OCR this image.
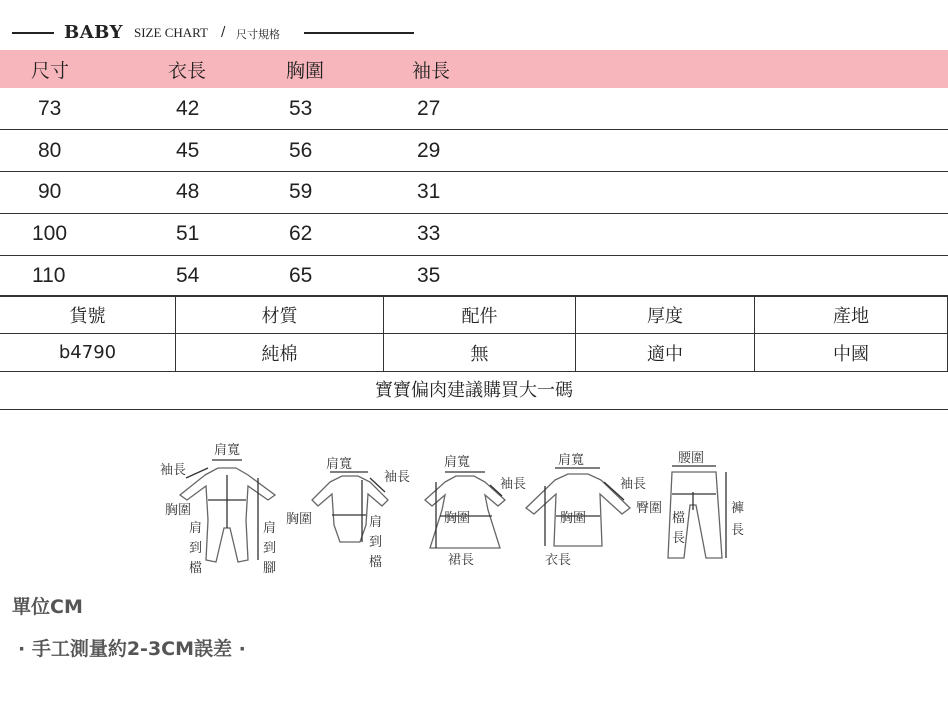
BABY SIZE CHART / 尺寸規格
尺寸	衣長	胸圍	袖長
73	42	53	27
80	45	56	29
90	48	59	31
100	51	62	33
110	54	65	35
貨號	材質	配件	厚度	產地
b4790	純棉	無	適中	中國
寶寶偏肉建議購買大一碼
肩寬
袖長
胸圍
肩
到
檔
肩
到
腳
肩寬
袖長
胸圍	肩
到
檔
肩寬
袖長
胸圍
裙長
肩寬
袖長
胸圍
衣長
腰圍
臀圍
檔
長
褲
長
單位CM
· 手工測量約2-3CM誤差 ·
